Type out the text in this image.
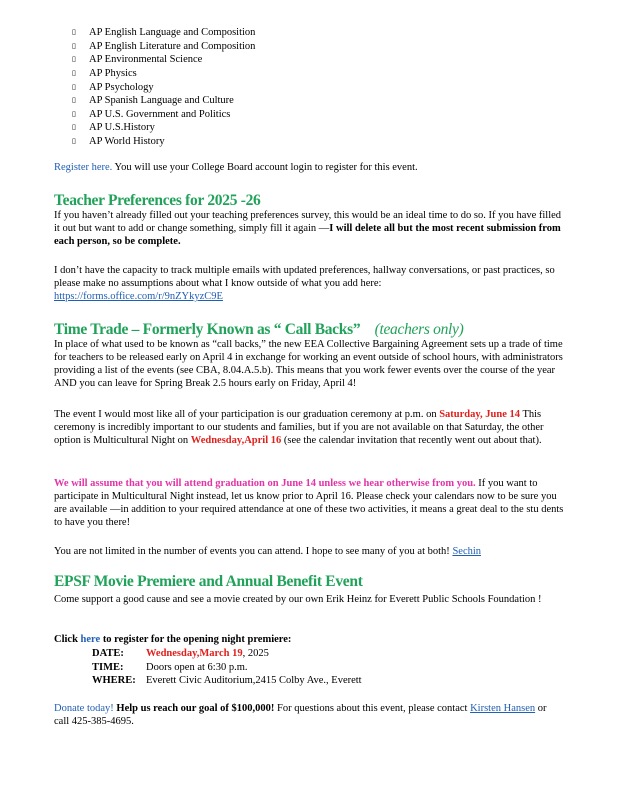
▯	AP English Language and Composition
▯	AP English Literature and Composition
▯	AP Environmental Science
▯	AP Physics
▯	AP Psychology
▯	AP Spanish Language and Culture
▯	AP U.S. Government and Politics
▯	AP U.S.History
▯	AP World History
Register here. You will use your College Board account login to register for this event.
Teacher Preferences for 2025 -26
If you haven’t already filled out your teaching preferences survey, this would be an ideal time to do so. If you have filled it out but want to add or change something, simply fill it again —I will delete all but the most recent submission from each person, so be complete.
I don’t have the capacity to track multiple emails with updated preferences, hallway conversations, or past practices, so please make no assumptions about what I know outside of what you add here:
https://forms.office.com/r/9nZYkyzC9E
Time Trade – Formerly Known as “ Call Backs” (teachers only)
In place of what used to be known as “call backs,” the new EEA Collective Bargaining Agreement sets up a trade of time for teachers to be released early on April 4 in exchange for working an event outside of school hours, with administrators providing a list of the events (see CBA, 8.04.A.5.b). This means that you work fewer events over the course of the year AND you can leave for Spring Break 2.5 hours early on Friday, April 4!
The event I would most like all of your participation is our graduation ceremony at p.m. on Saturday, June 14 This ceremony is incredibly important to our students and families, but if you are not available on that Saturday, the other option is Multicultural Night on Wednesday,April 16 (see the calendar invitation that recently went out about that).
We will assume that you will attend graduation on June 14 unless we hear otherwise from you. If you want to participate in Multicultural Night instead, let us know prior to April 16. Please check your calendars now to be sure you are available —in addition to your required attendance at one of these two activities, it means a great deal to the stu dents to have you there!
You are not limited in the number of events you can attend. I hope to see many of you at both! Sechin
EPSF Movie Premiere and Annual Benefit Event
Come support a good cause and see a movie created by our own Erik Heinz for Everett Public Schools Foundation !
Click here to register for the opening night premiere:
DATE: Wednesday,March 19, 2025
TIME: Doors open at 6:30 p.m.
WHERE: Everett Civic Auditorium,2415 Colby Ave., Everett
Donate today! Help us reach our goal of $100,000! For questions about this event, please contact Kirsten Hansen or call 425-385-4695.
